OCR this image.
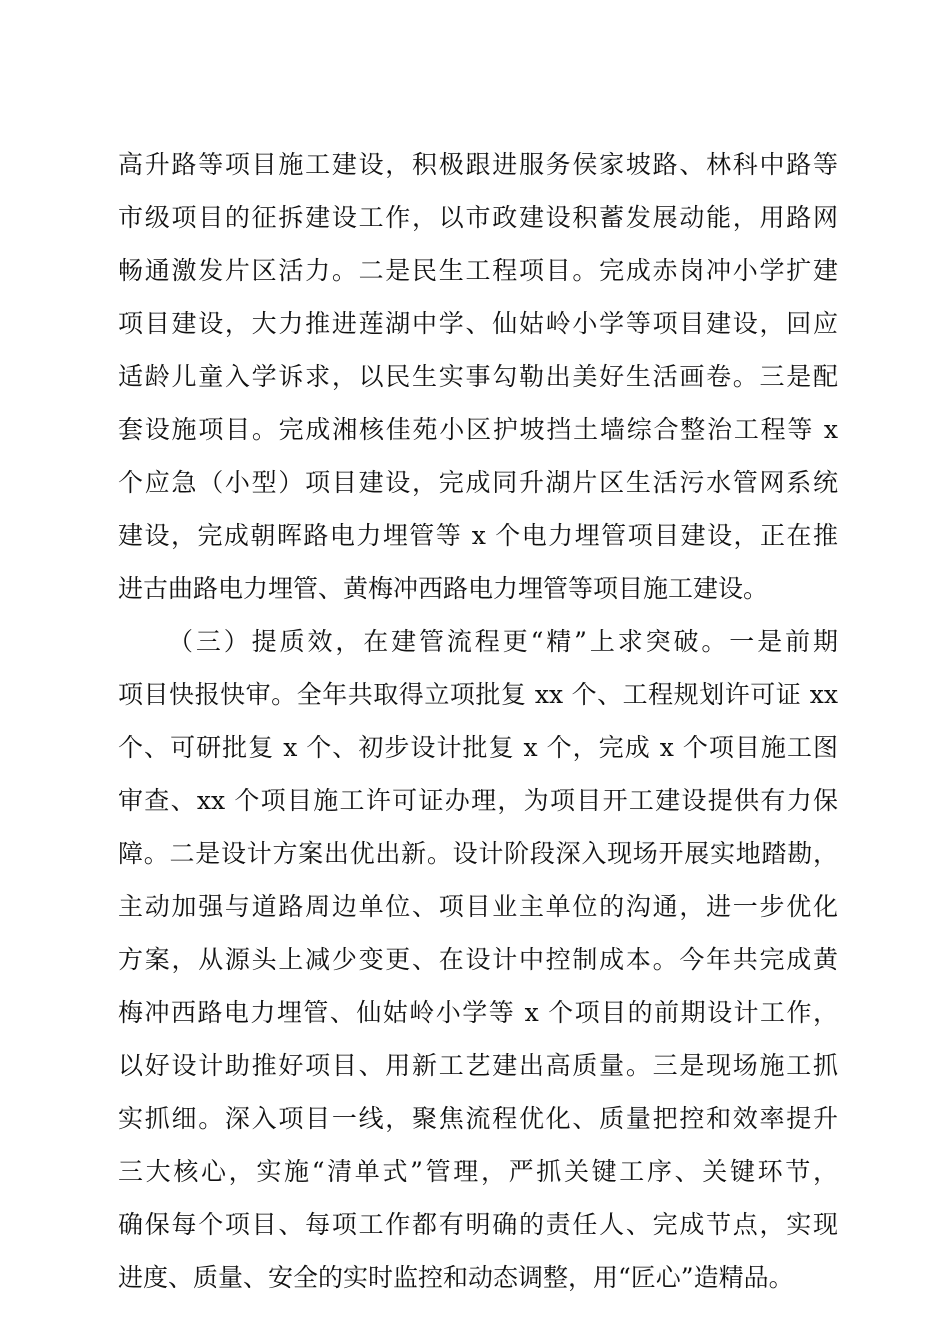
高升路等项目施工建设，积极跟进服务侯家坡路、林科中路等
市级项目的征拆建设工作，以市政建设积蓄发展动能，用路网
畅通激发片区活力。二是民生工程项目。完成赤岗冲小学扩建
项目建设，大力推进莲湖中学、仙姑岭小学等项目建设，回应
适龄儿童入学诉求，以民生实事勾勒出美好生活画卷。三是配
套设施项目。完成湘核佳苑小区护坡挡土墙综合整治工程等 x
个应急（小型）项目建设，完成同升湖片区生活污水管网系统
建设，完成朝晖路电力埋管等 x 个电力埋管项目建设，正在推
进古曲路电力埋管、黄梅冲西路电力埋管等项目施工建设。
（三）提质效，在建管流程更“精”上求突破。一是前期
项目快报快审。全年共取得立项批复 xx 个、工程规划许可证 xx
个、可研批复 x 个、初步设计批复 x 个，完成 x 个项目施工图
审查、xx 个项目施工许可证办理，为项目开工建设提供有力保
障。二是设计方案出优出新。设计阶段深入现场开展实地踏勘，
主动加强与道路周边单位、项目业主单位的沟通，进一步优化
方案，从源头上减少变更、在设计中控制成本。今年共完成黄
梅冲西路电力埋管、仙姑岭小学等 x 个项目的前期设计工作，
以好设计助推好项目、用新工艺建出高质量。三是现场施工抓
实抓细。深入项目一线，聚焦流程优化、质量把控和效率提升
三大核心，实施“清单式”管理，严抓关键工序、关键环节，
确保每个项目、每项工作都有明确的责任人、完成节点，实现
进度、质量、安全的实时监控和动态调整，用“匠心”造精品。
